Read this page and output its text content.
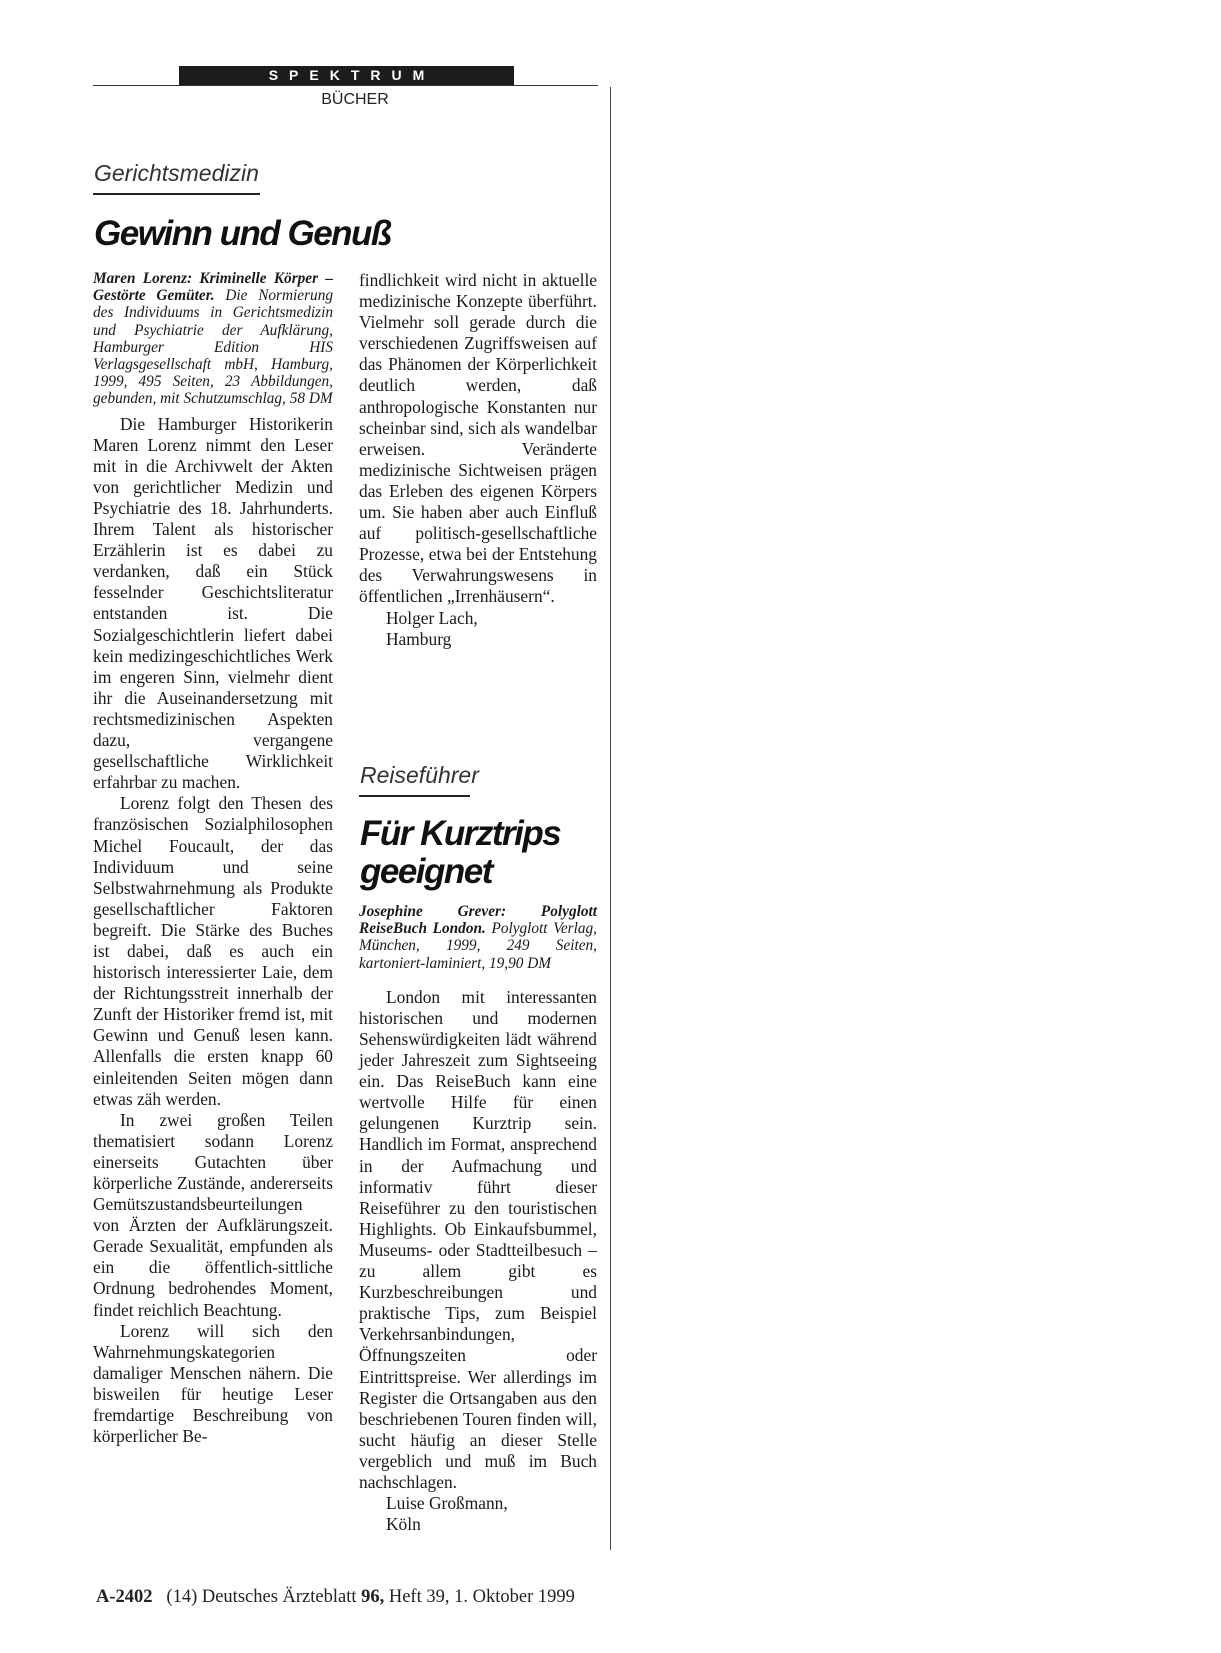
SPEKTRUM
BÜCHER
Gerichtsmedizin
Gewinn und Genuß
Maren Lorenz: Kriminelle Körper – Gestörte Gemüter. Die Normierung des Individuums in Gerichtsmedizin und Psychiatrie der Aufklärung, Hamburger Edition HIS Verlagsgesellschaft mbH, Hamburg, 1999, 495 Seiten, 23 Abbildungen, gebunden, mit Schutzumschlag, 58 DM

Die Hamburger Historikerin Maren Lorenz nimmt den Leser mit in die Archivwelt der Akten von gerichtlicher Medizin und Psychiatrie des 18. Jahrhunderts. Ihrem Talent als historischer Erzählerin ist es dabei zu verdanken, daß ein Stück fesselnder Geschichtsliteratur entstanden ist. Die Sozialgeschichtlerin liefert dabei kein medizingeschichtliches Werk im engeren Sinn, vielmehr dient ihr die Auseinandersetzung mit rechtsmedizinischen Aspekten dazu, vergangene gesellschaftliche Wirklichkeit erfahrbar zu machen.

Lorenz folgt den Thesen des französischen Sozialphilosophen Michel Foucault, der das Individuum und seine Selbstwahrnehmung als Produkte gesellschaftlicher Faktoren begreift. Die Stärke des Buches ist dabei, daß es auch ein historisch interessierter Laie, dem der Richtungsstreit innerhalb der Zunft der Historiker fremd ist, mit Gewinn und Genuß lesen kann. Allenfalls die ersten knapp 60 einleitenden Seiten mögen dann etwas zäh werden.

In zwei großen Teilen thematisiert sodann Lorenz einerseits Gutachten über körperliche Zustände, andererseits Gemütszustandsbeurteilungen von Ärzten der Aufklärungszeit. Gerade Sexualität, empfunden als ein die öffentlich-sittliche Ordnung bedrohendes Moment, findet reichlich Beachtung.

Lorenz will sich den Wahrnehmungskategorien damaliger Menschen nähern. Die bisweilen für heutige Leser fremdartige Beschreibung von körperlicher Be-

findlichkeit wird nicht in aktuelle medizinische Konzepte überführt. Vielmehr soll gerade durch die verschiedenen Zugriffsweisen auf das Phänomen der Körperlichkeit deutlich werden, daß anthropologische Konstanten nur scheinbar sind, sich als wandelbar erweisen. Veränderte medizinische Sichtweisen prägen das Erleben des eigenen Körpers um. Sie haben aber auch Einfluß auf politisch-gesellschaftliche Prozesse, etwa bei der Entstehung des Verwahrungswesens in öffentlichen „Irrenhäusern“.
Holger Lach,
Hamburg
Reiseführer
Für Kurztrips
geeignet
Josephine Grever: Polyglott ReiseBuch London. Polyglott Verlag, München, 1999, 249 Seiten, kartoniert-laminiert, 19,90 DM

London mit interessanten historischen und modernen Sehenswürdigkeiten lädt während jeder Jahreszeit zum Sightseeing ein. Das ReiseBuch kann eine wertvolle Hilfe für einen gelungenen Kurztrip sein. Handlich im Format, ansprechend in der Aufmachung und informativ führt dieser Reiseführer zu den touristischen Highlights. Ob Einkaufsbummel, Museums- oder Stadtteilbesuch – zu allem gibt es Kurzbeschreibungen und praktische Tips, zum Beispiel Verkehrsanbindungen, Öffnungszeiten oder Eintrittspreise. Wer allerdings im Register die Ortsangaben aus den beschriebenen Touren finden will, sucht häufig an dieser Stelle vergeblich und muß im Buch nachschlagen.

Luise Großmann,
Köln
A-2402 (14) Deutsches Ärzteblatt 96, Heft 39, 1. Oktober 1999
